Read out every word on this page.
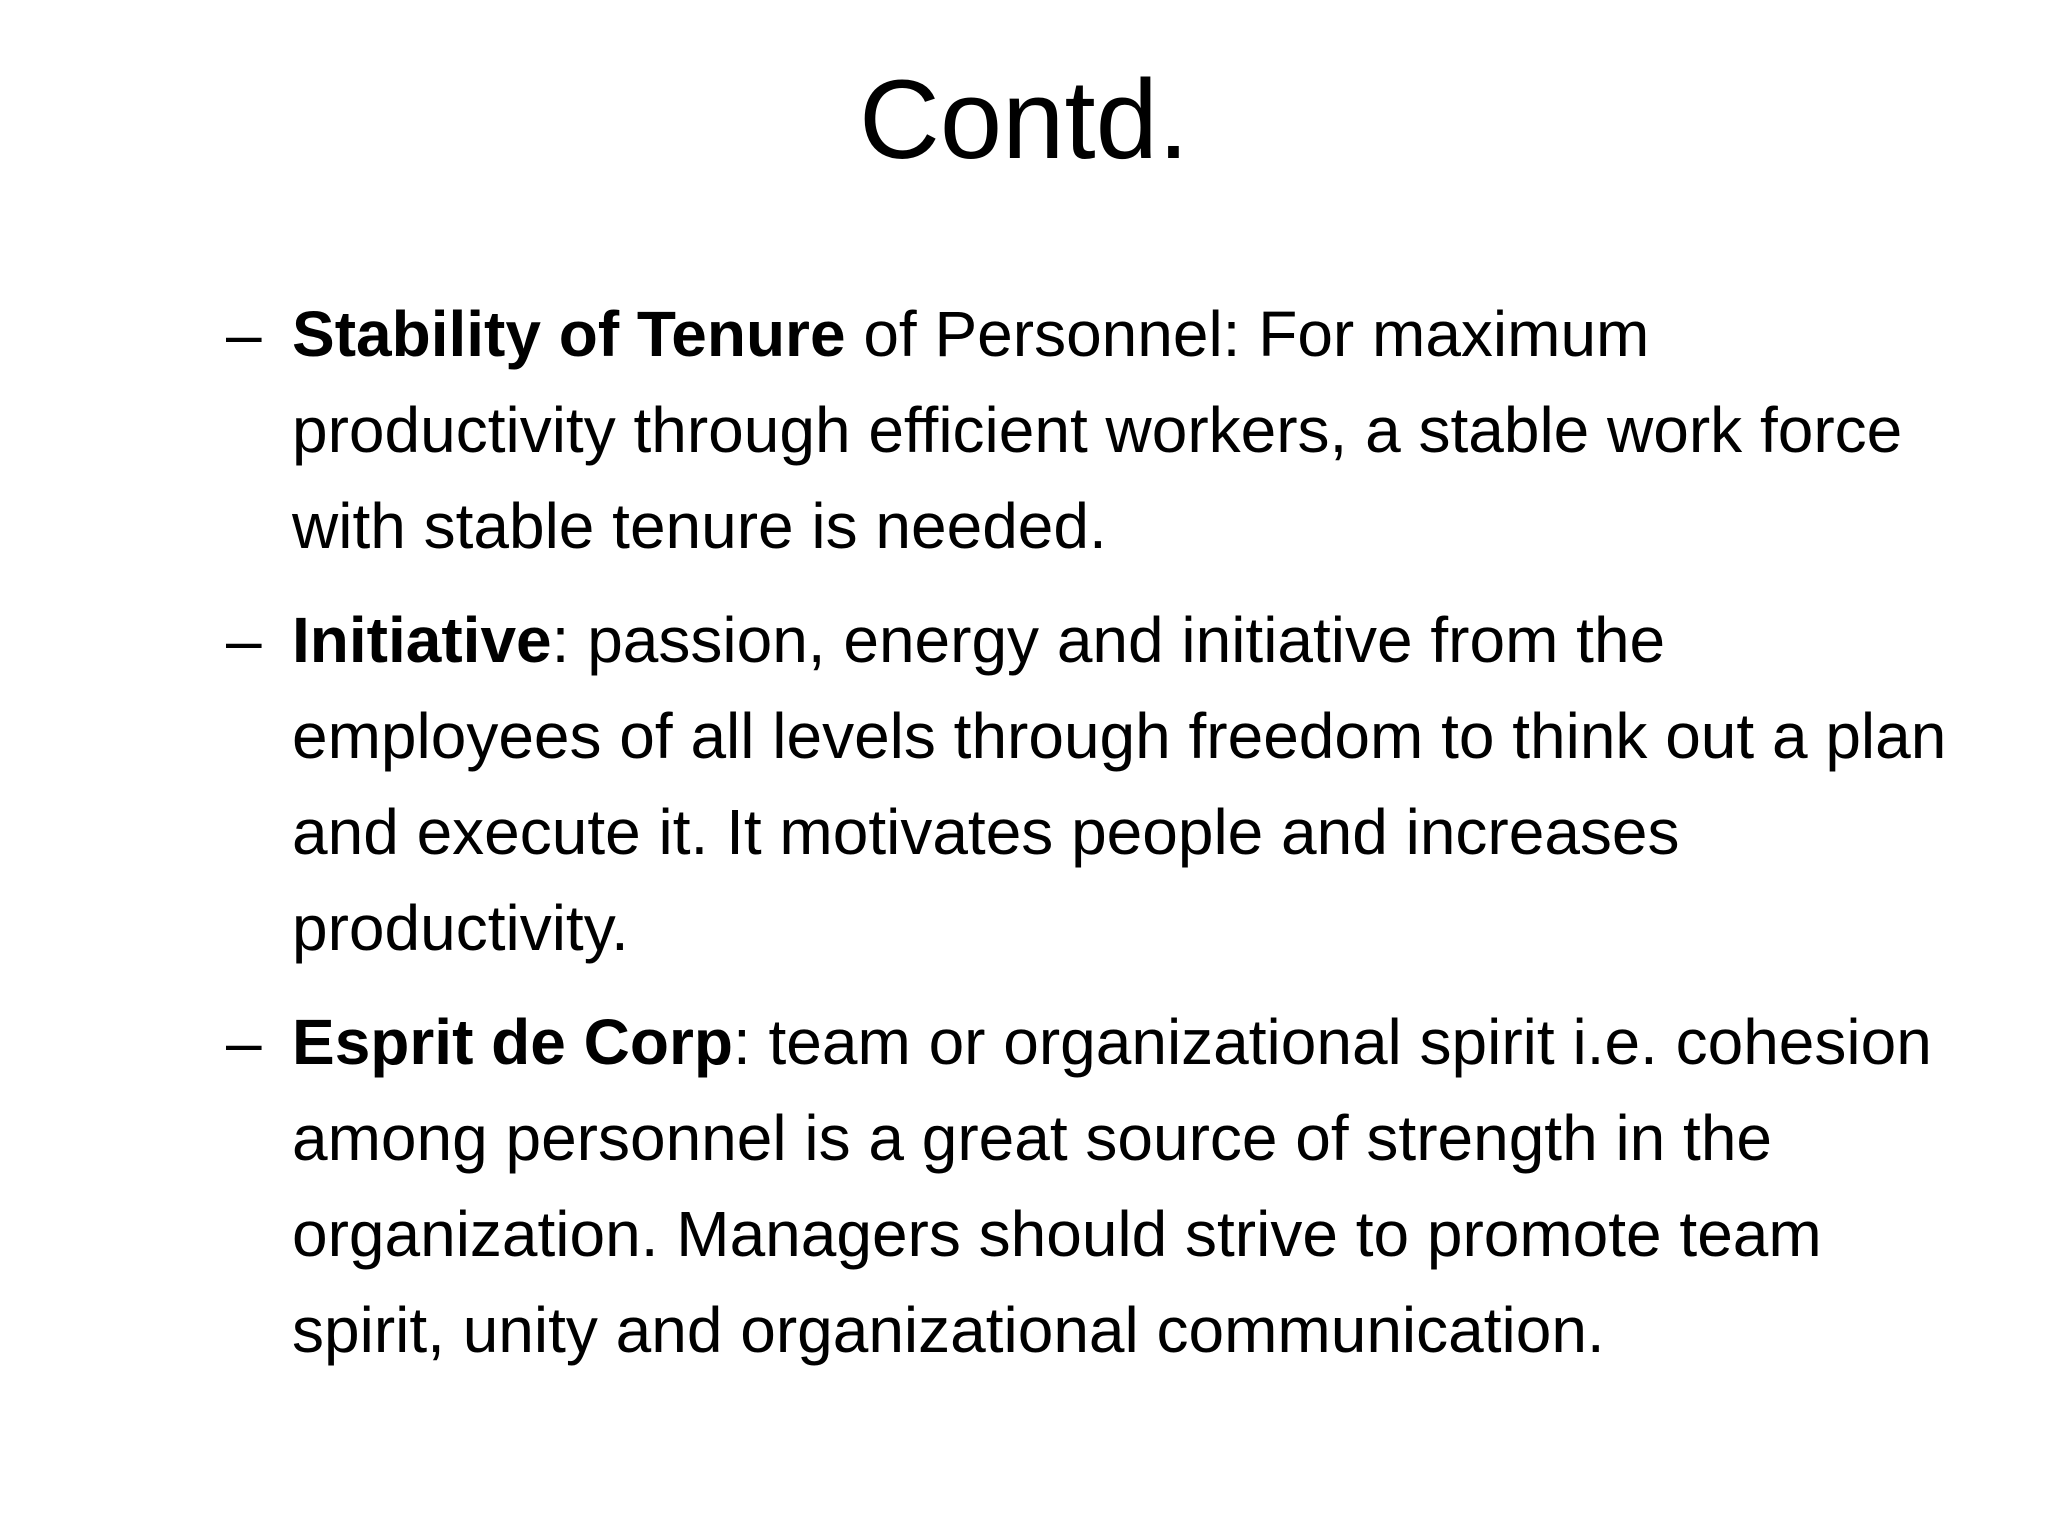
Contd.
– Stability of Tenure of Personnel: For maximum productivity through efficient workers, a stable work force with stable tenure is needed.
– Initiative: passion, energy and initiative from the employees of all levels through freedom to think out a plan and execute it. It motivates people and increases productivity.
– Esprit de Corp: team or organizational spirit i.e. cohesion among personnel is a great source of strength in the organization. Managers should strive to promote team spirit, unity and organizational communication.
